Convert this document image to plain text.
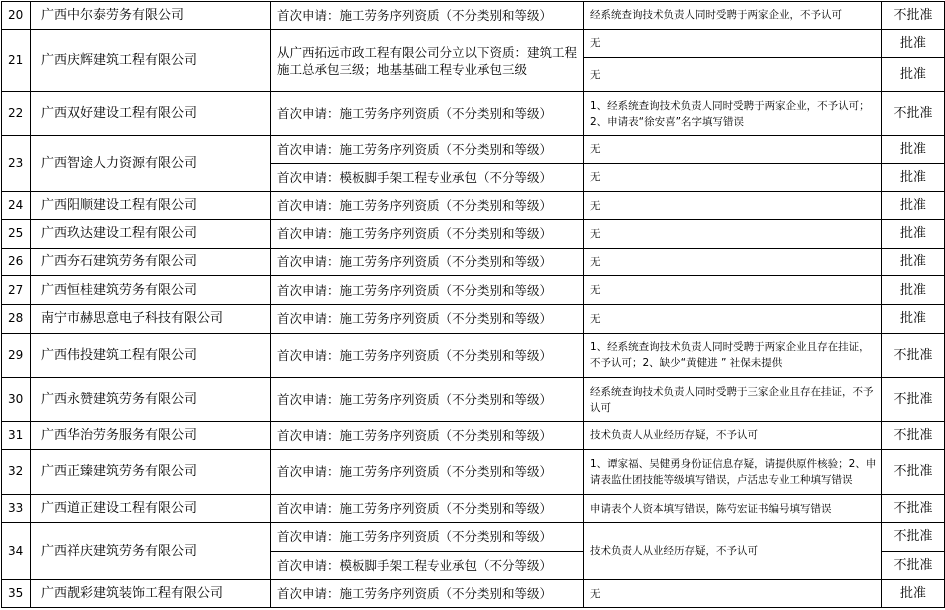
20	广西中尔泰劳务有限公司	首次申请：施工劳务序列资质（不分类别和等级）	经系统查询技术负责人同时受聘于两家企业，不予认可	不批准
21	广西庆辉建筑工程有限公司	从广西拓远市政工程有限公司分立以下资质：建筑工程施工总承包三级；地基基础工程专业承包三级	无	批准
			无	批准
22	广西双好建设工程有限公司	首次申请：施工劳务序列资质（不分类别和等级）	1、经系统查询技术负责人同时受聘于两家企业，不予认可；2、申请表“徐安喜”名字填写错误	不批准
23	广西智途人力资源有限公司	首次申请：施工劳务序列资质（不分类别和等级）	无	批准
		首次申请：模板脚手架工程专业承包（不分等级）	无	批准
24	广西阳顺建设工程有限公司	首次申请：施工劳务序列资质（不分类别和等级）	无	批准
25	广西玖达建设工程有限公司	首次申请：施工劳务序列资质（不分类别和等级）	无	批准
26	广西夯石建筑劳务有限公司	首次申请：施工劳务序列资质（不分类别和等级）	无	批准
27	广西恒桂建筑劳务有限公司	首次申请：施工劳务序列资质（不分类别和等级）	无	批准
28	南宁市赫思意电子科技有限公司	首次申请：施工劳务序列资质（不分类别和等级）	无	批准
29	广西伟投建筑工程有限公司	首次申请：施工劳务序列资质（不分类别和等级）	1、经系统查询技术负责人同时受聘于两家企业且存在挂证，不予认可；2、缺少“黄健进 ” 社保未提供	不批准
30	广西永赞建筑劳务有限公司	首次申请：施工劳务序列资质（不分类别和等级）	经系统查询技术负责人同时受聘于三家企业且存在挂证，不予认可	不批准
31	广西华治劳务服务有限公司	首次申请：施工劳务序列资质（不分类别和等级）	技术负责人从业经历存疑，不予认可	不批准
32	广西正臻建筑劳务有限公司	首次申请：施工劳务序列资质（不分类别和等级）	1、谭家福、吴健勇身份证信息存疑，请提供原件核验；2、申请表监仕团技能等级填写错误，卢活忠专业工种填写错误	不批准
33	广西道正建设工程有限公司	首次申请：施工劳务序列资质（不分类别和等级）	申请表个人资本填写错误，陈芍宏证书编号填写错误	不批准
34	广西祥庆建筑劳务有限公司	首次申请：施工劳务序列资质（不分类别和等级）	技术负责人从业经历存疑，不予认可	不批准
		首次申请：模板脚手架工程专业承包（不分等级）		不批准
35	广西靓彩建筑装饰工程有限公司	首次申请：施工劳务序列资质（不分类别和等级）	无	批准
